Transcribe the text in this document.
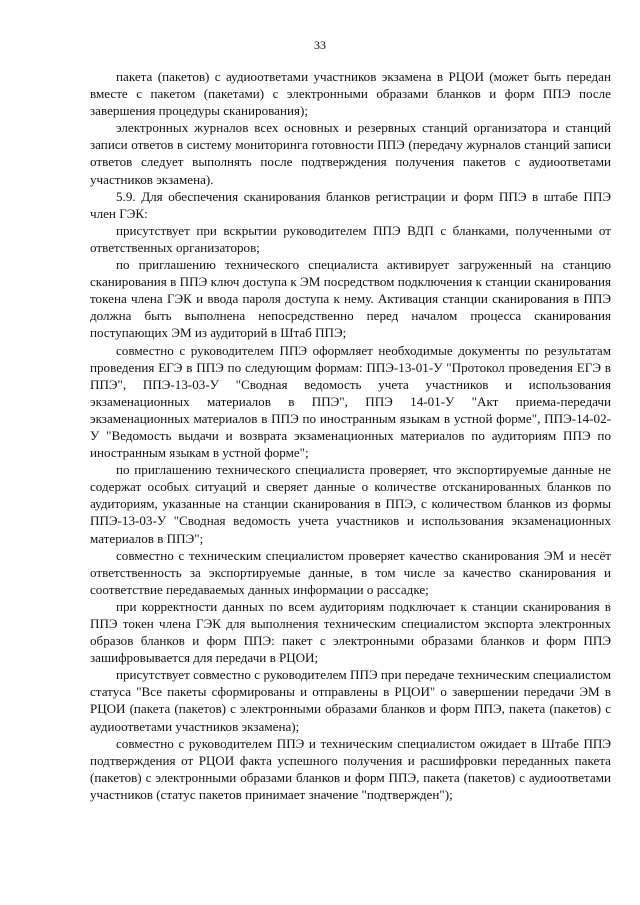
33

пакета (пакетов) с аудиоответами участников экзамена в РЦОИ (может быть передан вместе с пакетом (пакетами) с электронными образами бланков и форм ППЭ после завершения процедуры сканирования);

электронных журналов всех основных и резервных станций организатора и станций записи ответов в систему мониторинга готовности ППЭ (передачу журналов станций записи ответов следует выполнять после подтверждения получения пакетов с аудиоответами участников экзамена).

5.9. Для обеспечения сканирования бланков регистрации и форм ППЭ в штабе ППЭ член ГЭК:

присутствует при вскрытии руководителем ППЭ ВДП с бланками, полученными от ответственных организаторов;

по приглашению технического специалиста активирует загруженный на станцию сканирования в ППЭ ключ доступа к ЭМ посредством подключения к станции сканирования токена члена ГЭК и ввода пароля доступа к нему. Активация станции сканирования в ППЭ должна быть выполнена непосредственно перед началом процесса сканирования поступающих ЭМ из аудиторий в Штаб ППЭ;

совместно с руководителем ППЭ оформляет необходимые документы по результатам проведения ЕГЭ в ППЭ по следующим формам: ППЭ-13-01-У "Протокол проведения ЕГЭ в ППЭ", ППЭ-13-03-У "Сводная ведомость учета участников и использования экзаменационных материалов в ППЭ", ППЭ 14-01-У "Акт приема-передачи экзаменационных материалов в ППЭ по иностранным языкам в устной форме", ППЭ-14-02-У "Ведомость выдачи и возврата экзаменационных материалов по аудиториям ППЭ по иностранным языкам в устной форме";

по приглашению технического специалиста проверяет, что экспортируемые данные не содержат особых ситуаций и сверяет данные о количестве отсканированных бланков по аудиториям, указанные на станции сканирования в ППЭ, с количеством бланков из формы ППЭ-13-03-У "Сводная ведомость учета участников и использования экзаменационных материалов в ППЭ";

совместно с техническим специалистом проверяет качество сканирования ЭМ и несёт ответственность за экспортируемые данные, в том числе за качество сканирования и соответствие передаваемых данных информации о рассадке;

при корректности данных по всем аудиториям подключает к станции сканирования в ППЭ токен члена ГЭК для выполнения техническим специалистом экспорта электронных образов бланков и форм ППЭ: пакет с электронными образами бланков и форм ППЭ зашифровывается для передачи в РЦОИ;

присутствует совместно с руководителем ППЭ при передаче техническим специалистом статуса "Все пакеты сформированы и отправлены в РЦОИ" о завершении передачи ЭМ в РЦОИ (пакета (пакетов) с электронными образами бланков и форм ППЭ, пакета (пакетов) с аудиоответами участников экзамена);

совместно с руководителем ППЭ и техническим специалистом ожидает в Штабе ППЭ подтверждения от РЦОИ факта успешного получения и расшифровки переданных пакета (пакетов) с электронными образами бланков и форм ППЭ, пакета (пакетов) с аудиоответами участников (статус пакетов принимает значение "подтвержден");
